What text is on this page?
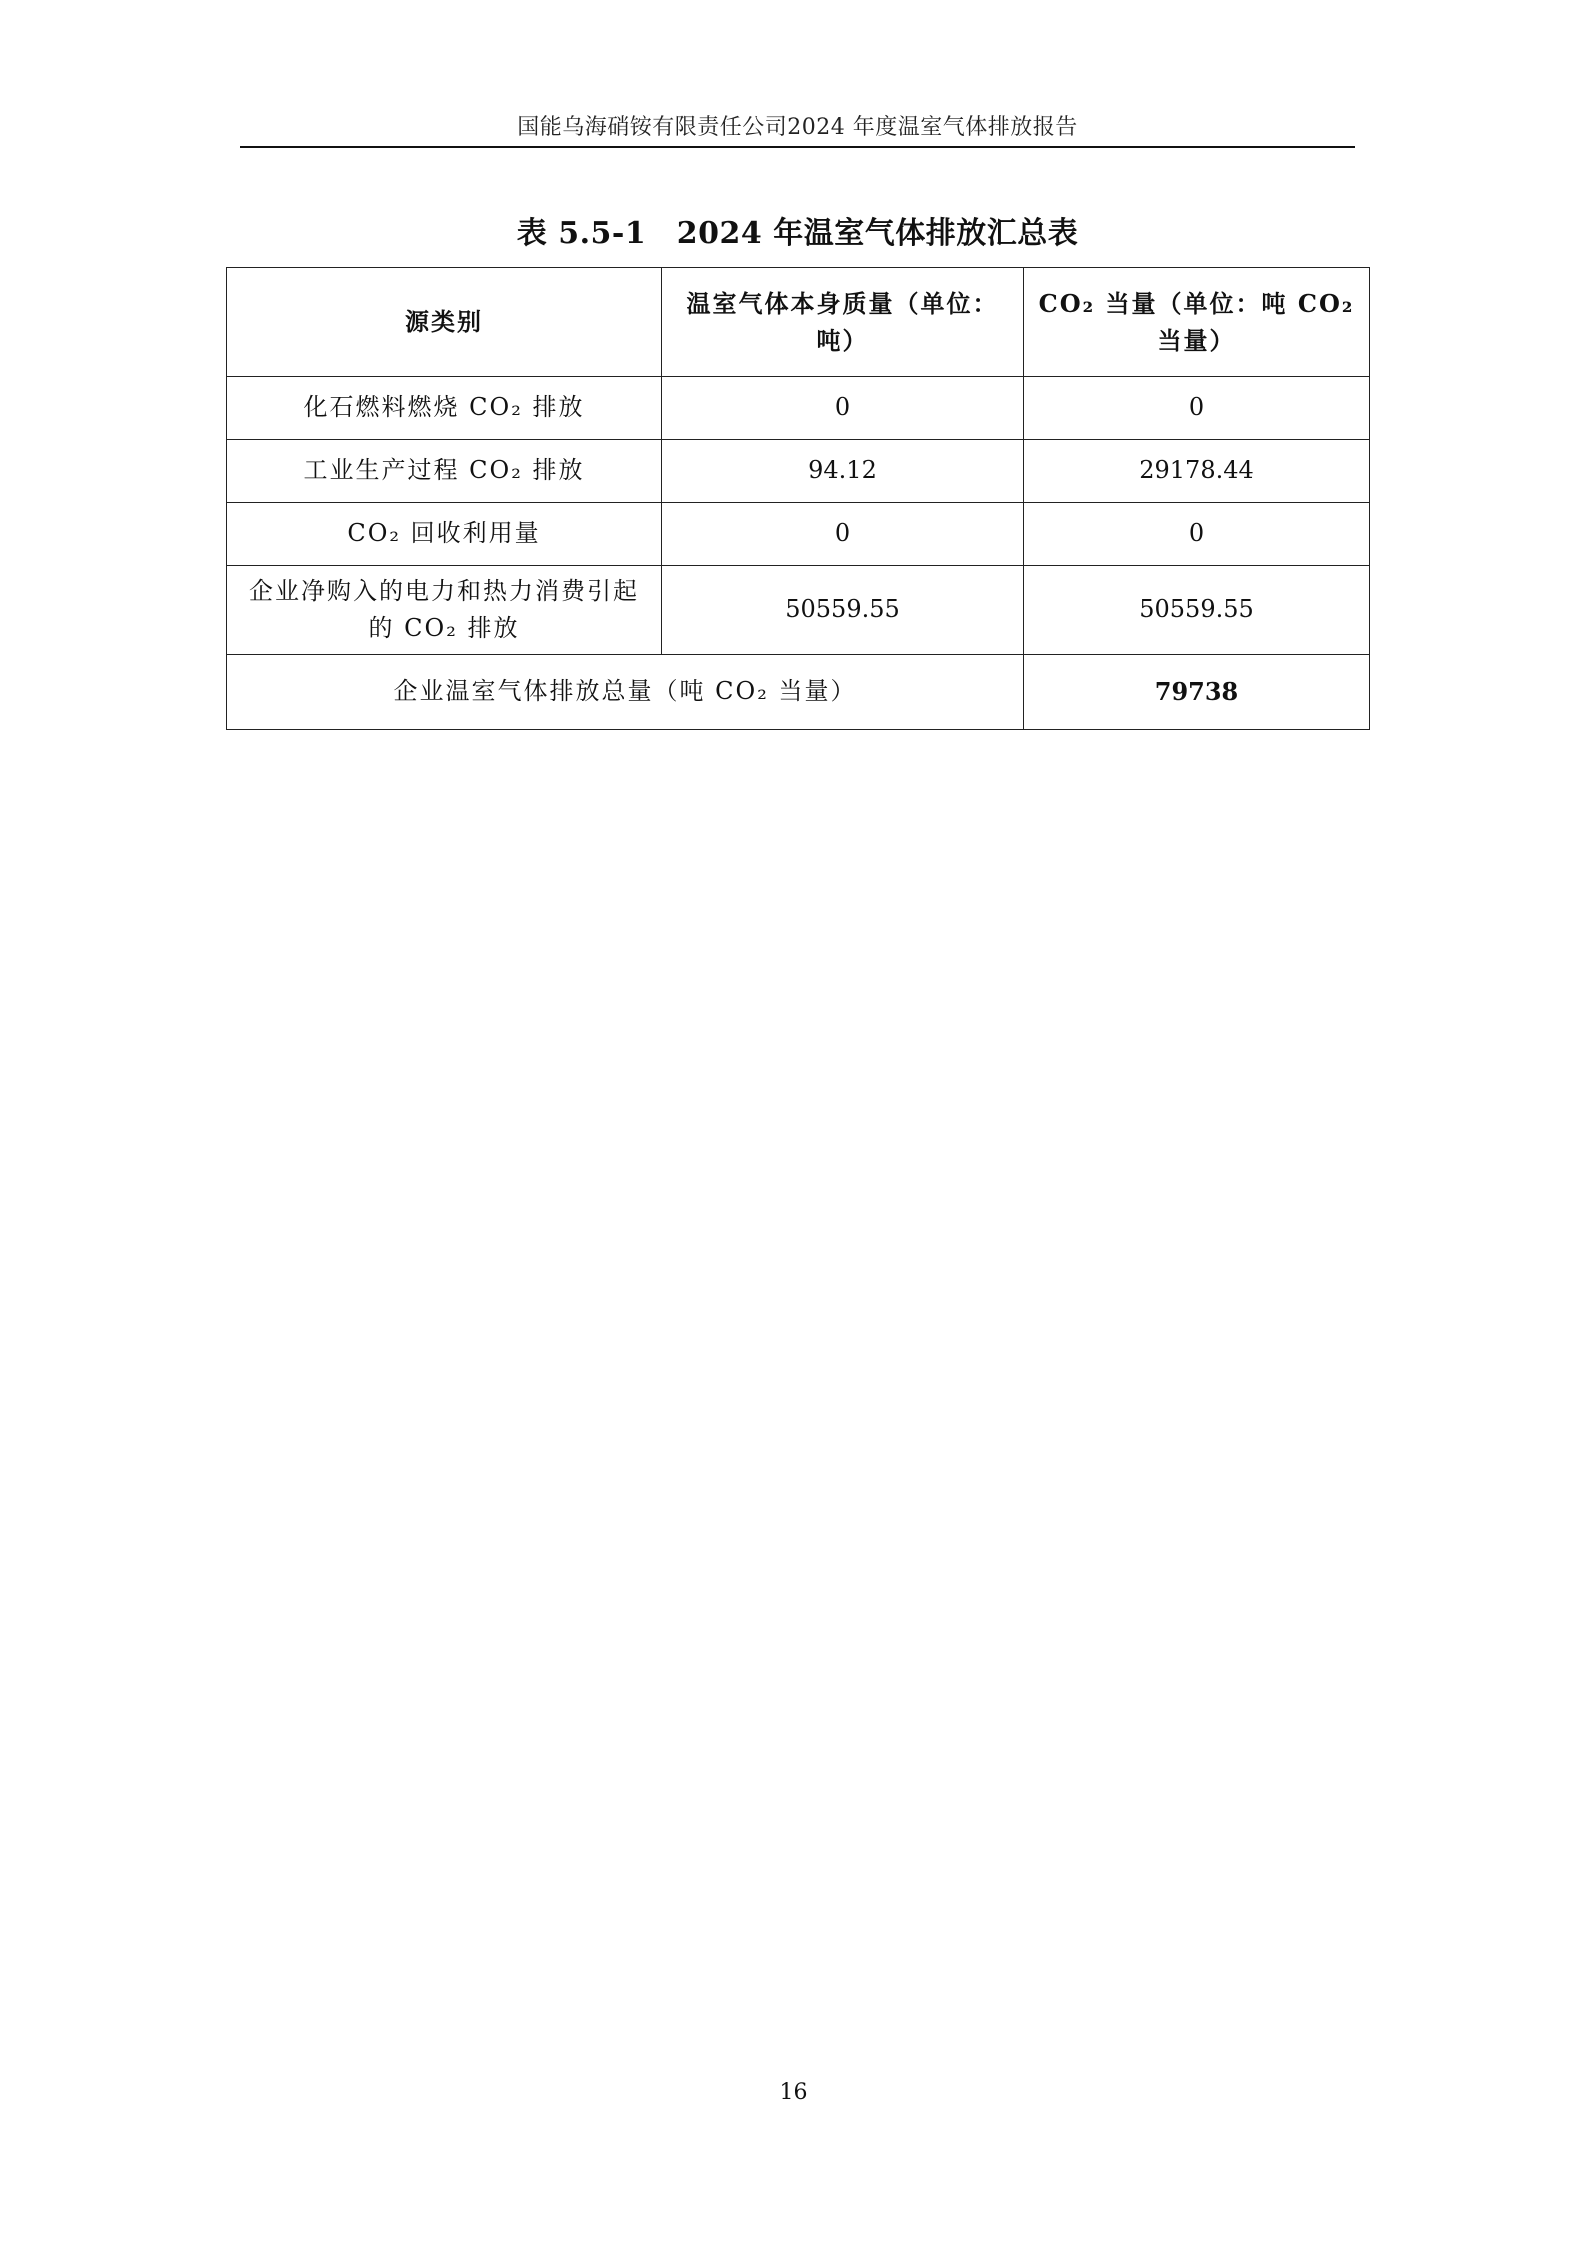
国能乌海硝铵有限责任公司2024 年度温室气体排放报告
表 5.5-1　2024 年温室气体排放汇总表
源类别	温室气体本身质量（单位：吨）	CO₂ 当量（单位：吨 CO₂ 当量）
化石燃料燃烧 CO₂ 排放	0	0
工业生产过程 CO₂ 排放	94.12	29178.44
CO₂ 回收利用量	0	0
企业净购入的电力和热力消费引起的 CO₂ 排放	50559.55	50559.55
企业温室气体排放总量（吨 CO₂ 当量）		79738
16
